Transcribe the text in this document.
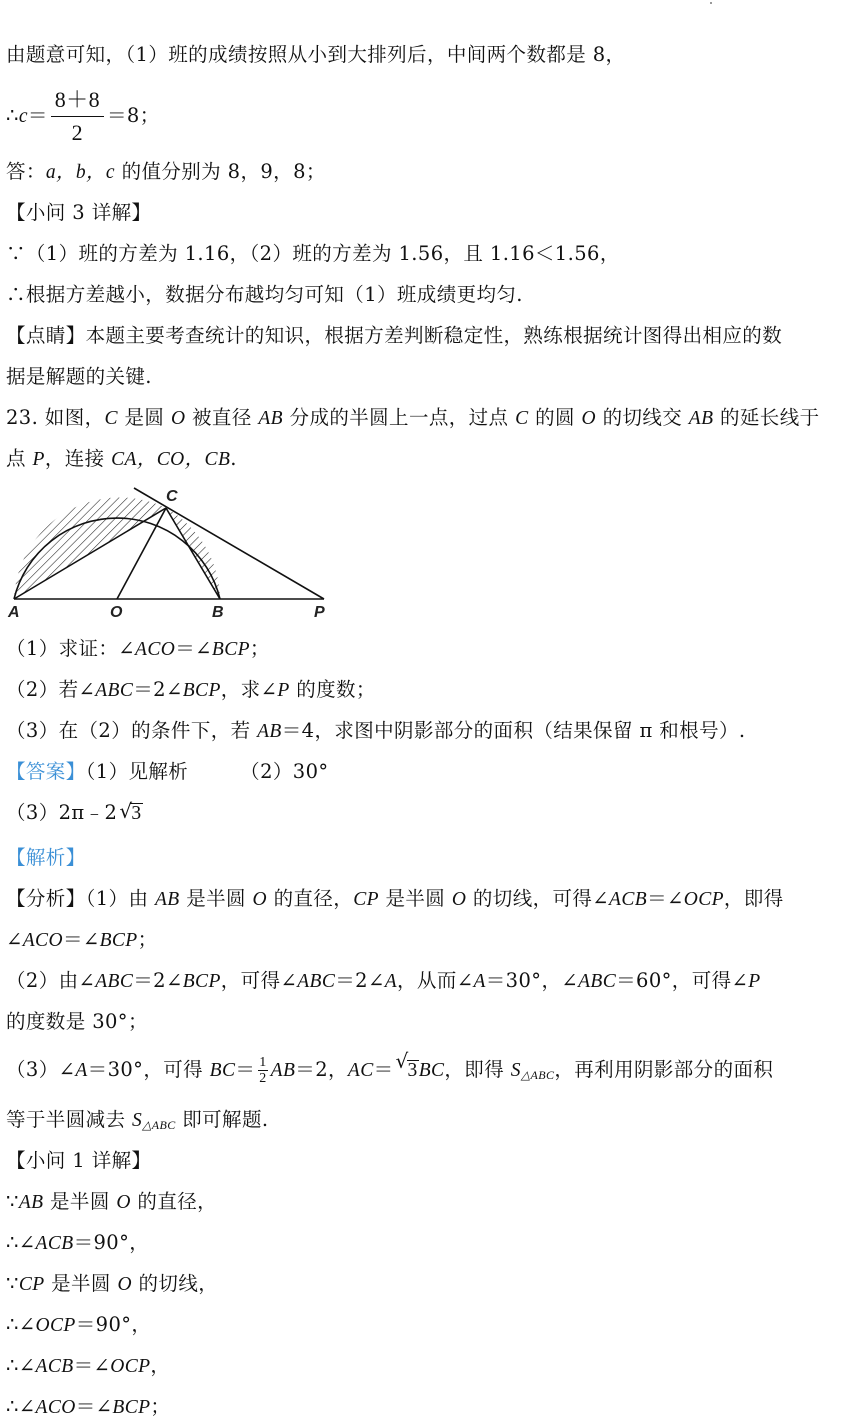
由题意可知，（1）班的成绩按照从小到大排列后，中间两个数都是 8，
∴c＝ $\frac{8+8}{2} =8$；
答：a，b，c 的值分别为 8，9，8；
【小问 3 详解】
∵（1）班的方差为 1.16，（2）班的方差为 1.56，且 1.16＜1.56，
∴根据方差越小，数据分布越均匀可知（1）班成绩更均匀.
【点睛】本题主要考查统计的知识，根据方差判断稳定性，熟练根据统计图得出相应的数
据是解题的关键.
23. 如图，C 是圆 O 被直径 AB 分成的半圆上一点，过点 C 的圆 O 的切线交 AB 的延长线于
点 P，连接 CA，CO，CB.
A	O	B	P
C
（1）求证：∠ACO＝∠BCP；
（2）若∠ABC＝2∠BCP，求∠P 的度数；
（3）在（2）的条件下，若 AB＝4，求图中阴影部分的面积（结果保留 π 和根号）.
【答案】（1）见解析	（2）30°
（3）2π﹣2 √
3
【解析】
【分析】（1）由 AB 是半圆 O 的直径，CP 是半圆 O 的切线，可得∠ACB＝∠OCP，即得
∠ACO＝∠BCP；
（2）由∠ABC＝2∠BCP，可得∠ABC＝2∠A，从而∠A＝30°，∠ABC＝60°，可得∠P
的度数是 30°；
（3）∠A＝30°，可得 $BC= \frac{1}{2} AB=2$，AC＝ √
3BC，即得 $S_{\triangle ABC}$，再利用阴影部分的面积
等于半圆减去 $S_{\triangle ABC}$ 即可解题.
【小问 1 详解】
∵AB 是半圆 O 的直径，
∴∠ACB＝90°，
∵CP 是半圆 O 的切线，
∴∠OCP＝90°，
∴∠ACB＝∠OCP，
∴∠ACO＝∠BCP；
